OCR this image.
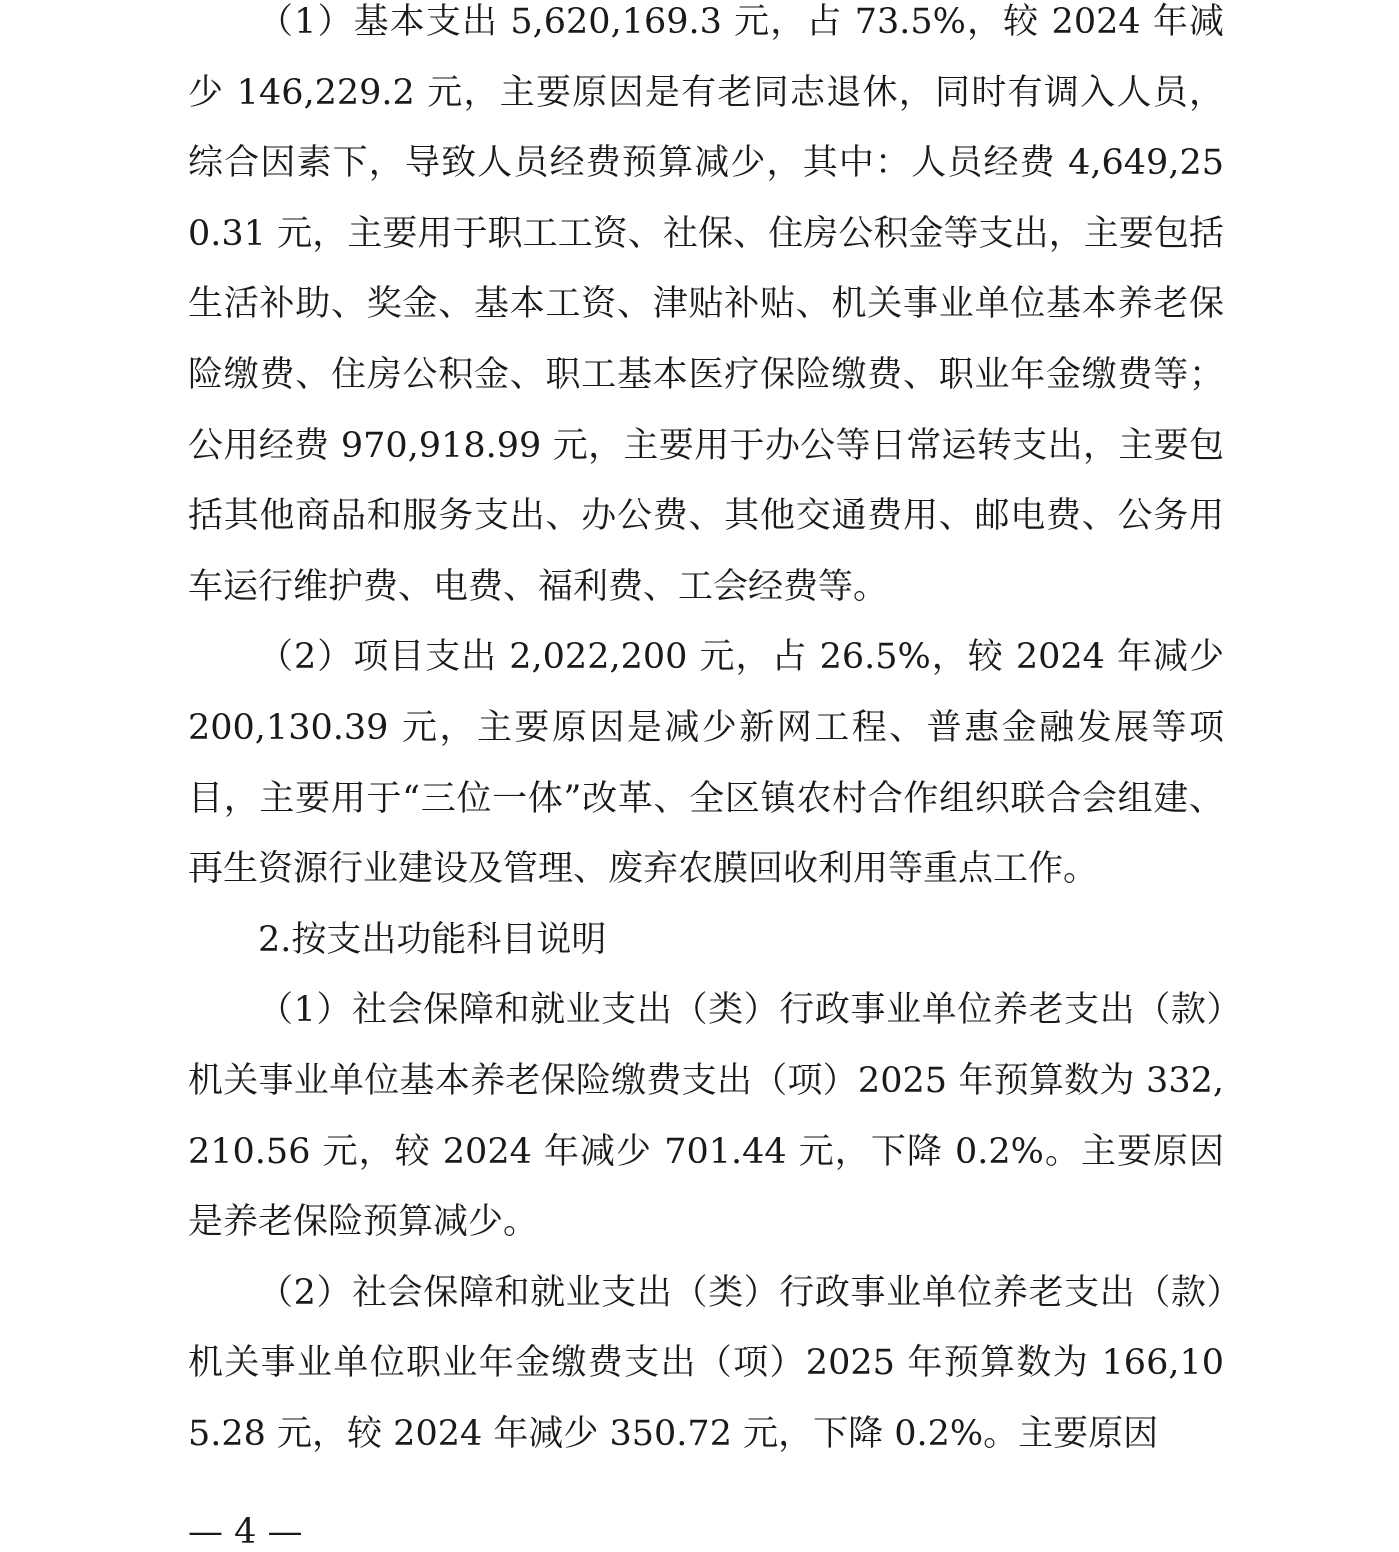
（1）基本支出 5,620,169.3 元，占 73.5%，较 2024 年减少 146,229.2 元，主要原因是有老同志退休，同时有调入人员，综合因素下，导致人员经费预算减少，其中：人员经费 4,649,250.31 元，主要用于职工工资、社保、住房公积金等支出，主要包括生活补助、奖金、基本工资、津贴补贴、机关事业单位基本养老保险缴费、住房公积金、职工基本医疗保险缴费、职业年金缴费等；公用经费 970,918.99 元，主要用于办公等日常运转支出，主要包括其他商品和服务支出、办公费、其他交通费用、邮电费、公务用车运行维护费、电费、福利费、工会经费等。

（2）项目支出 2,022,200 元，占 26.5%，较 2024 年减少 200,130.39 元，主要原因是减少新网工程、普惠金融发展等项目，主要用于“三位一体”改革、全区镇农村合作组织联合会组建、再生资源行业建设及管理、废弃农膜回收利用等重点工作。

2.按支出功能科目说明

（1）社会保障和就业支出（类）行政事业单位养老支出（款）机关事业单位基本养老保险缴费支出（项）2025 年预算数为 332,210.56 元，较 2024 年减少 701.44 元，下降 0.2%。主要原因是养老保险预算减少。

（2）社会保障和就业支出（类）行政事业单位养老支出（款）机关事业单位职业年金缴费支出（项）2025 年预算数为 166,105.28 元，较 2024 年减少 350.72 元，下降 0.2%。主要原因

— 4 —
